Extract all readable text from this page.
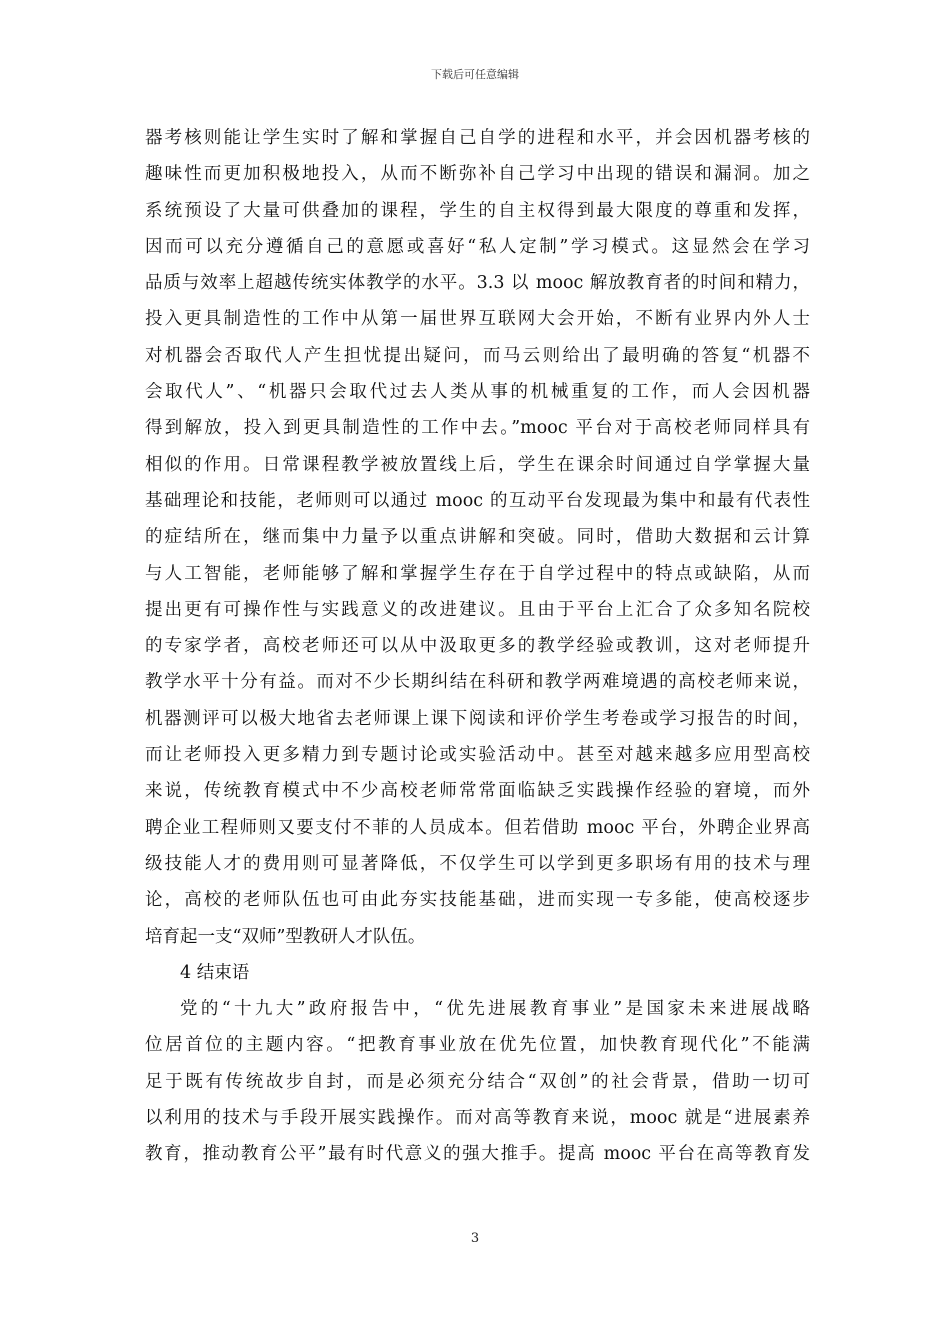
下载后可任意编辑
器考核则能让学生实时了解和掌握自己自学的进程和水平，并会因机器考核的
趣味性而更加积极地投入，从而不断弥补自己学习中出现的错误和漏洞。加之
系统预设了大量可供叠加的课程，学生的自主权得到最大限度的尊重和发挥，
因而可以充分遵循自己的意愿或喜好“私人定制”学习模式。这显然会在学习
品质与效率上超越传统实体教学的水平。3.3 以 mooc 解放教育者的时间和精力，
投入更具制造性的工作中从第一届世界互联网大会开始，不断有业界内外人士
对机器会否取代人产生担忧提出疑问，而马云则给出了最明确的答复“机器不
会取代人”、“机器只会取代过去人类从事的机械重复的工作，而人会因机器
得到解放，投入到更具制造性的工作中去。”mooc 平台对于高校老师同样具有
相似的作用。日常课程教学被放置线上后，学生在课余时间通过自学掌握大量
基础理论和技能，老师则可以通过 mooc 的互动平台发现最为集中和最有代表性
的症结所在，继而集中力量予以重点讲解和突破。同时，借助大数据和云计算
与人工智能，老师能够了解和掌握学生存在于自学过程中的特点或缺陷，从而
提出更有可操作性与实践意义的改进建议。且由于平台上汇合了众多知名院校
的专家学者，高校老师还可以从中汲取更多的教学经验或教训，这对老师提升
教学水平十分有益。而对不少长期纠结在科研和教学两难境遇的高校老师来说，
机器测评可以极大地省去老师课上课下阅读和评价学生考卷或学习报告的时间，
而让老师投入更多精力到专题讨论或实验活动中。甚至对越来越多应用型高校
来说，传统教育模式中不少高校老师常常面临缺乏实践操作经验的窘境，而外
聘企业工程师则又要支付不菲的人员成本。但若借助 mooc 平台，外聘企业界高
级技能人才的费用则可显著降低，不仅学生可以学到更多职场有用的技术与理
论，高校的老师队伍也可由此夯实技能基础，进而实现一专多能，使高校逐步
培育起一支“双师”型教研人才队伍。
4 结束语
党的“十九大”政府报告中，“优先进展教育事业”是国家未来进展战略
位居首位的主题内容。“把教育事业放在优先位置，加快教育现代化”不能满
足于既有传统故步自封，而是必须充分结合“双创”的社会背景，借助一切可
以利用的技术与手段开展实践操作。而对高等教育来说，mooc 就是“进展素养
教育，推动教育公平”最有时代意义的强大推手。提高 mooc 平台在高等教育发
3
